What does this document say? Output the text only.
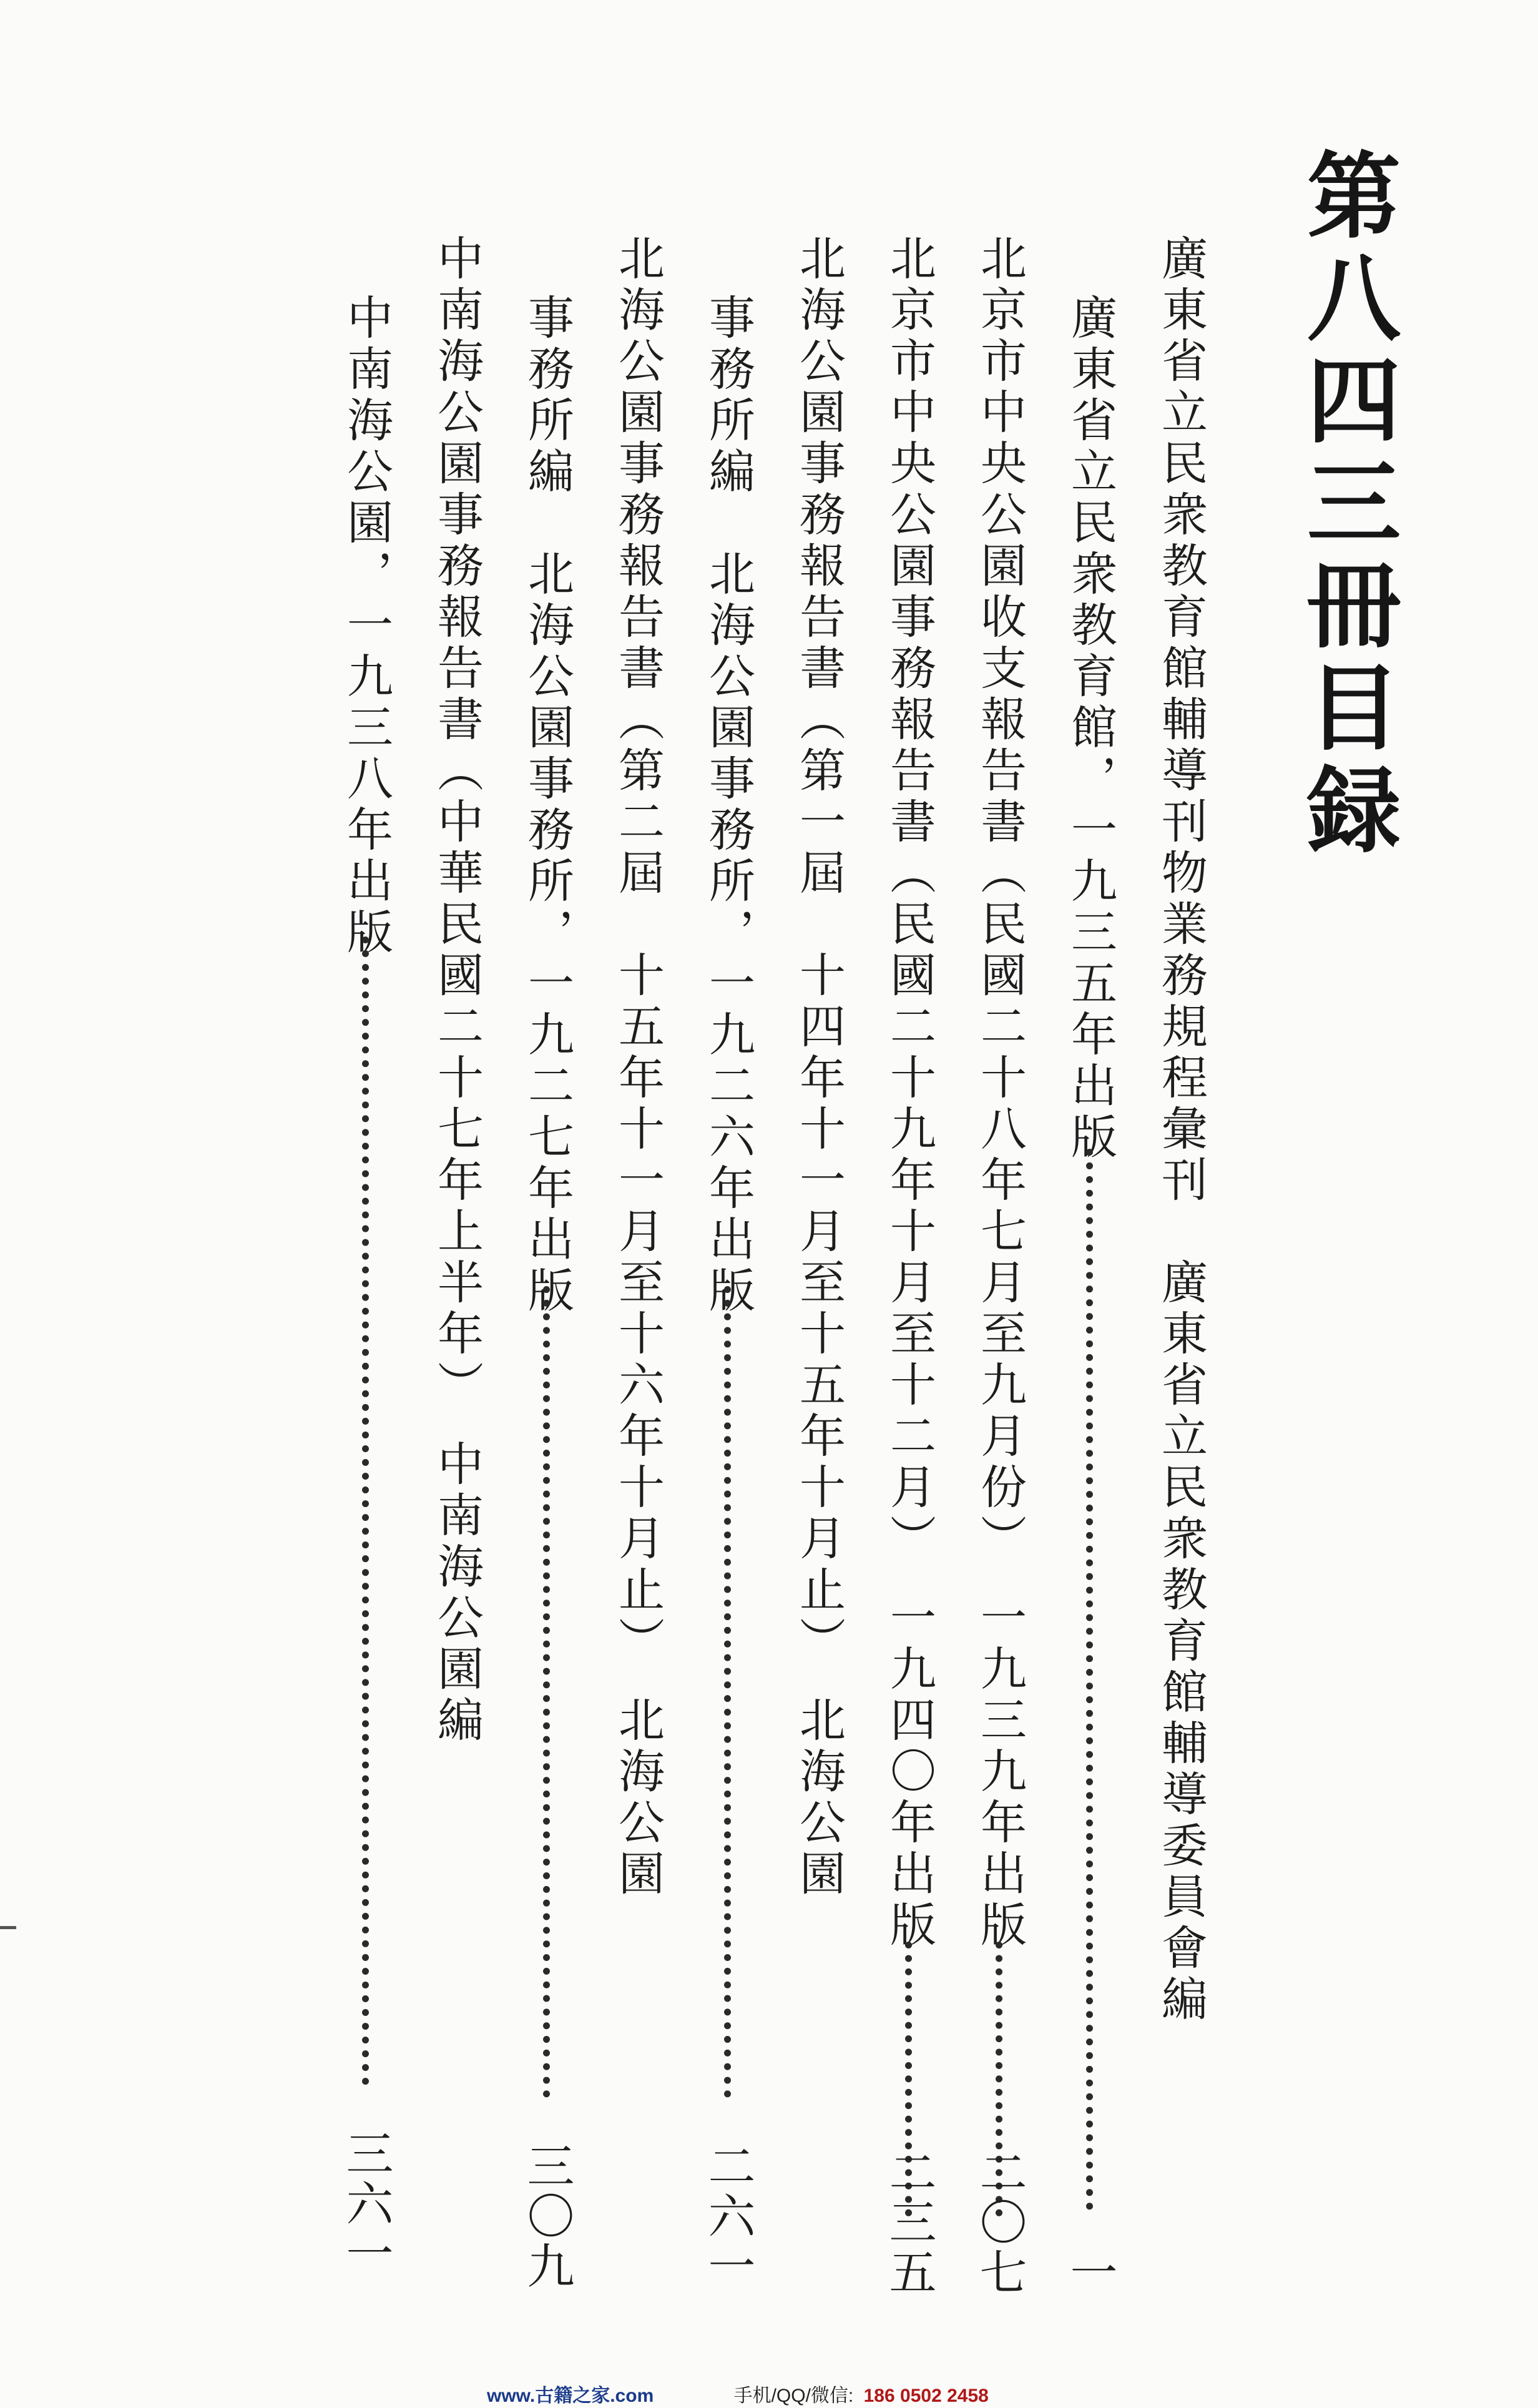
第八四三冊目録
廣東省立民衆教育館輔導刊物業務規程彙刊　廣東省立民衆教育館輔導委員會編
廣東省立民衆教育館，一九三五年出版
一
北京市中央公園收支報告書（民國二十八年七月至九月份）　一九三九年出版
二〇七
北京市中央公園事務報告書（民國二十九年十月至十二月）　一九四〇年出版
二三五
北海公園事務報告書（第一屆　十四年十一月至十五年十月止）　北海公園
事務所編　北海公園事務所，一九二六年出版
二六一
北海公園事務報告書（第二屆　十五年十一月至十六年十月止）　北海公園
事務所編　北海公園事務所，一九二七年出版
三〇九
中南海公園事務報告書（中華民國二十七年上半年）　中南海公園編
中南海公園，一九三八年出版
三六一
www.古籍之家.com	手机/QQ/微信: 186 0502 2458
